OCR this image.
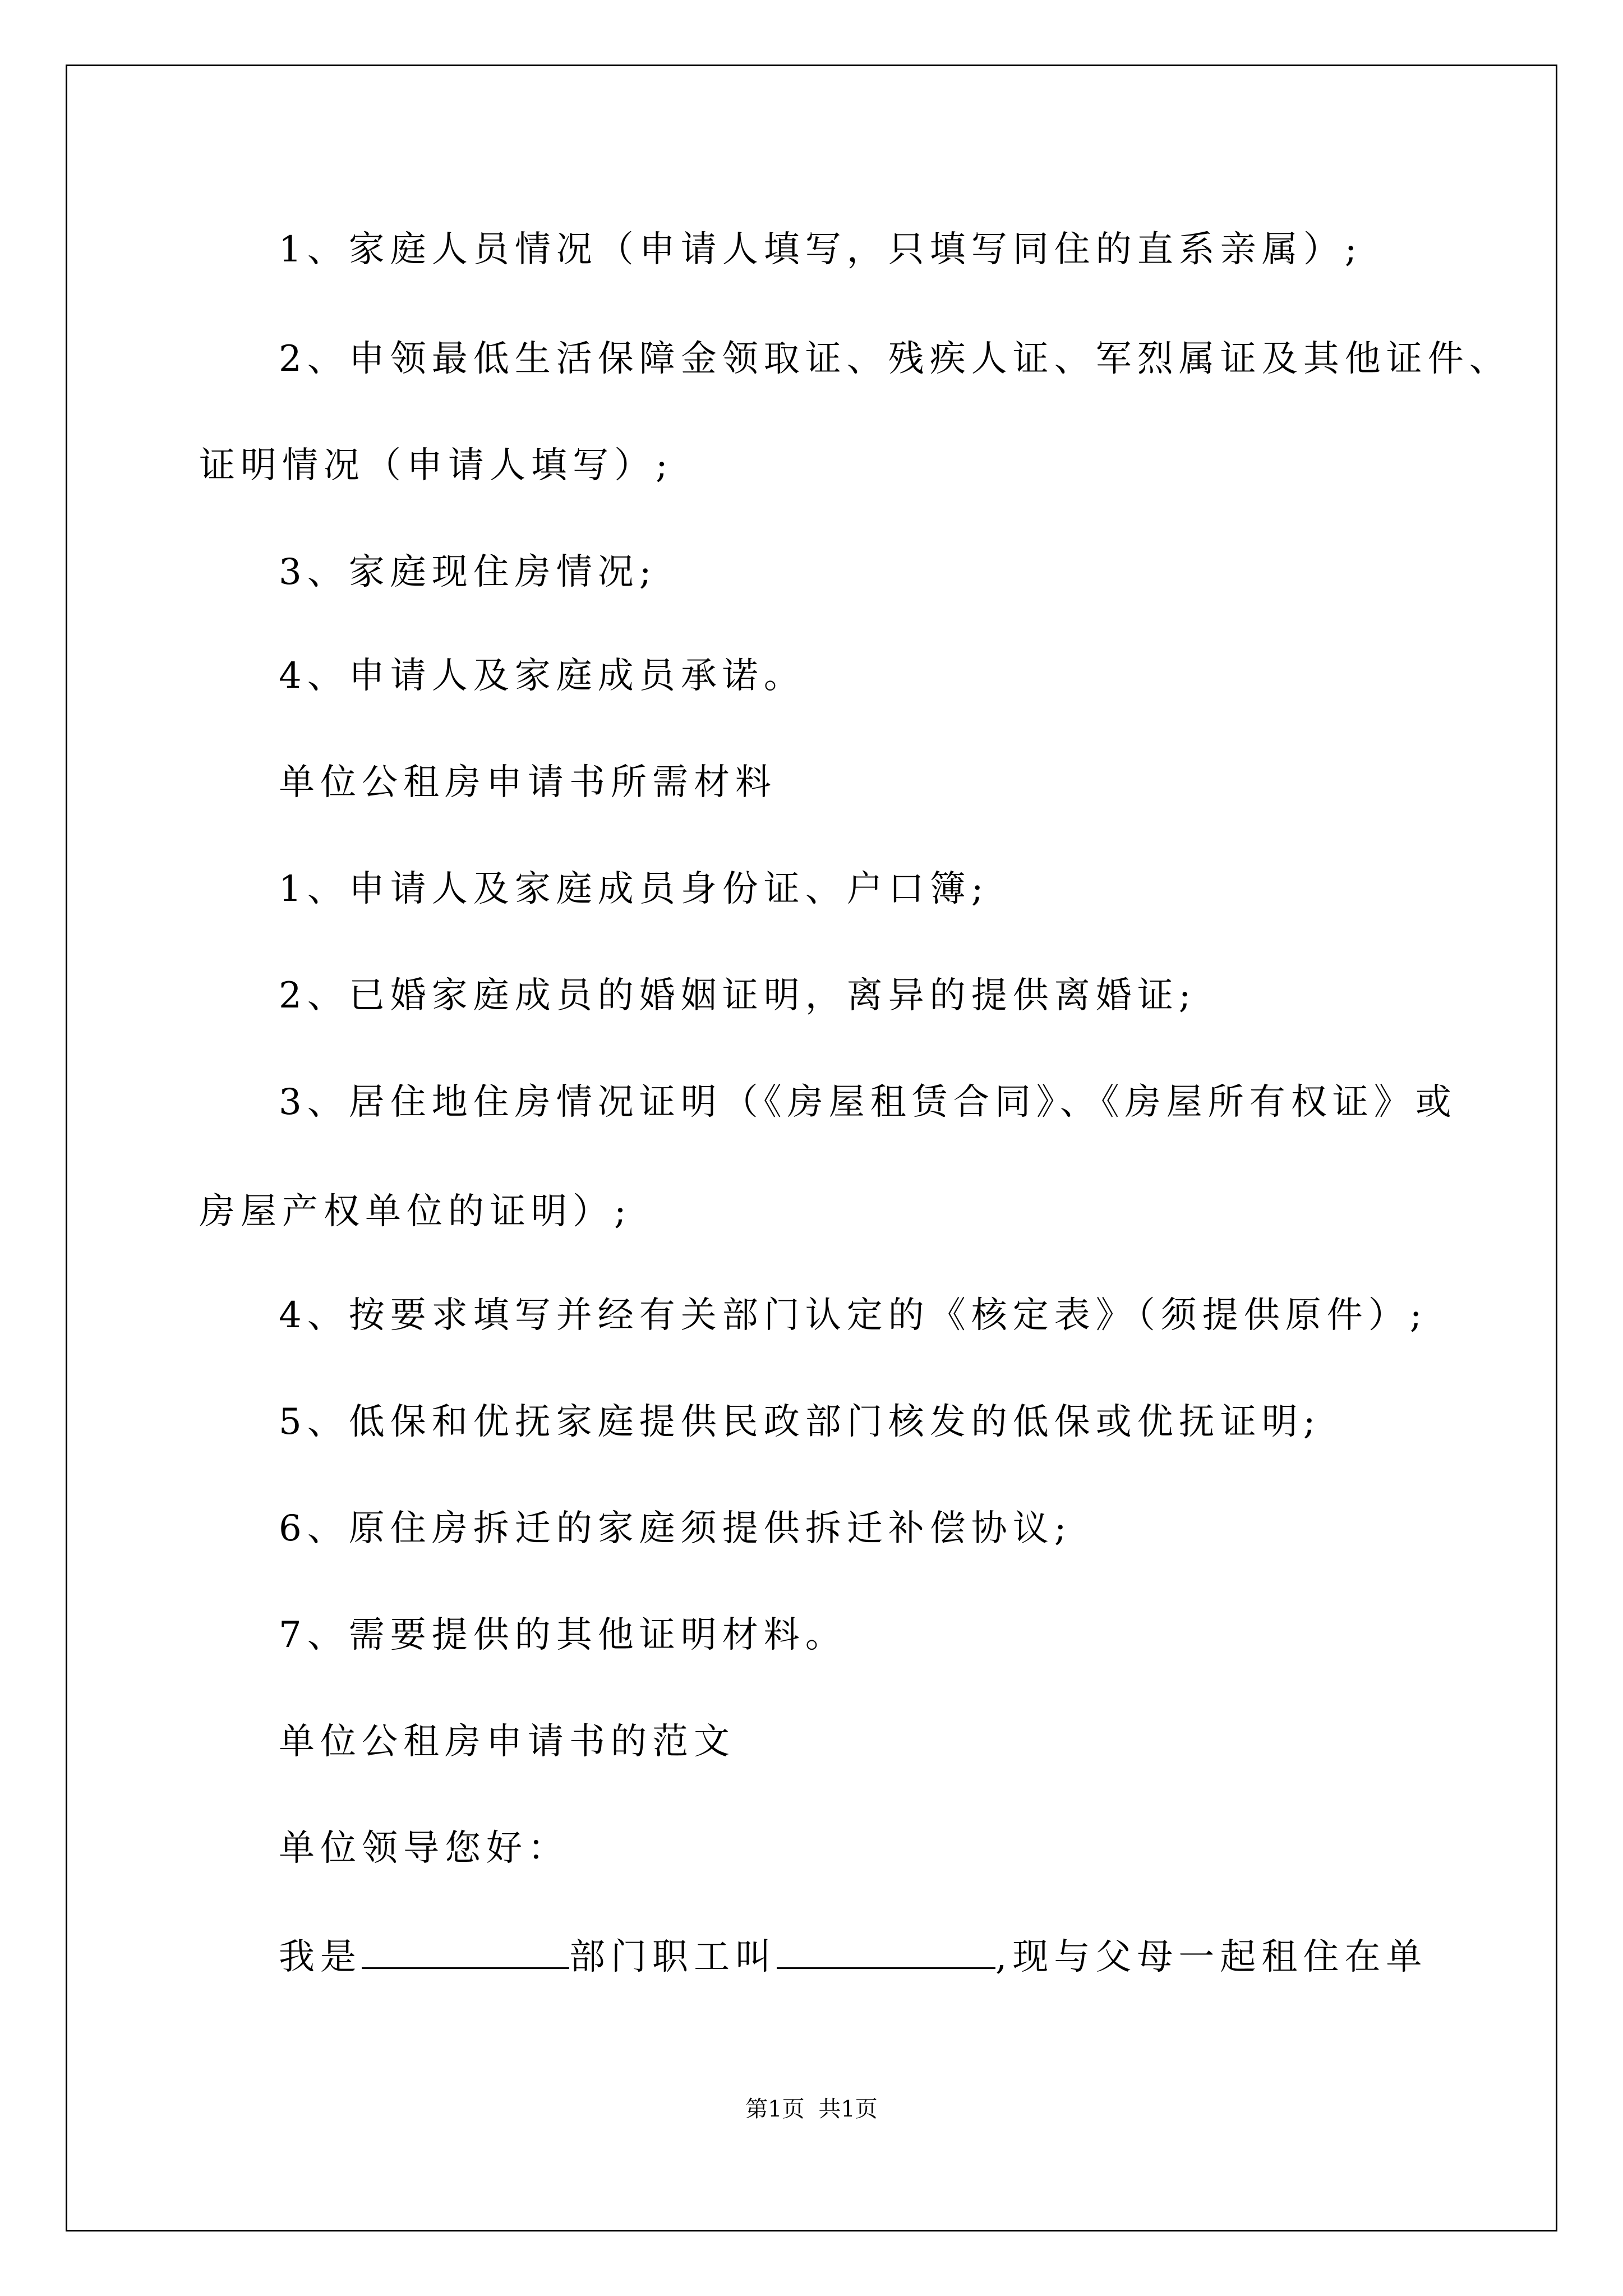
1、家庭人员情况（申请人填写，只填写同住的直系亲属）;
2、申领最低生活保障金领取证、残疾人证、军烈属证及其他证件、
证明情况（申请人填写）;
3、家庭现住房情况;
4、申请人及家庭成员承诺。
单位公租房申请书所需材料
1、申请人及家庭成员身份证、户口簿;
2、已婚家庭成员的婚姻证明，离异的提供离婚证;
3、居住地住房情况证明（《房屋租赁合同》、《房屋所有权证》或
房屋产权单位的证明）;
4、按要求填写并经有关部门认定的《核定表》（须提供原件）;
5、低保和优抚家庭提供民政部门核发的低保或优抚证明;
6、原住房拆迁的家庭须提供拆迁补偿协议;
7、需要提供的其他证明材料。
单位公租房申请书的范文
单位领导您好：
我是	部门职工叫	,现与父母一起租住在单
第1页 共1页
